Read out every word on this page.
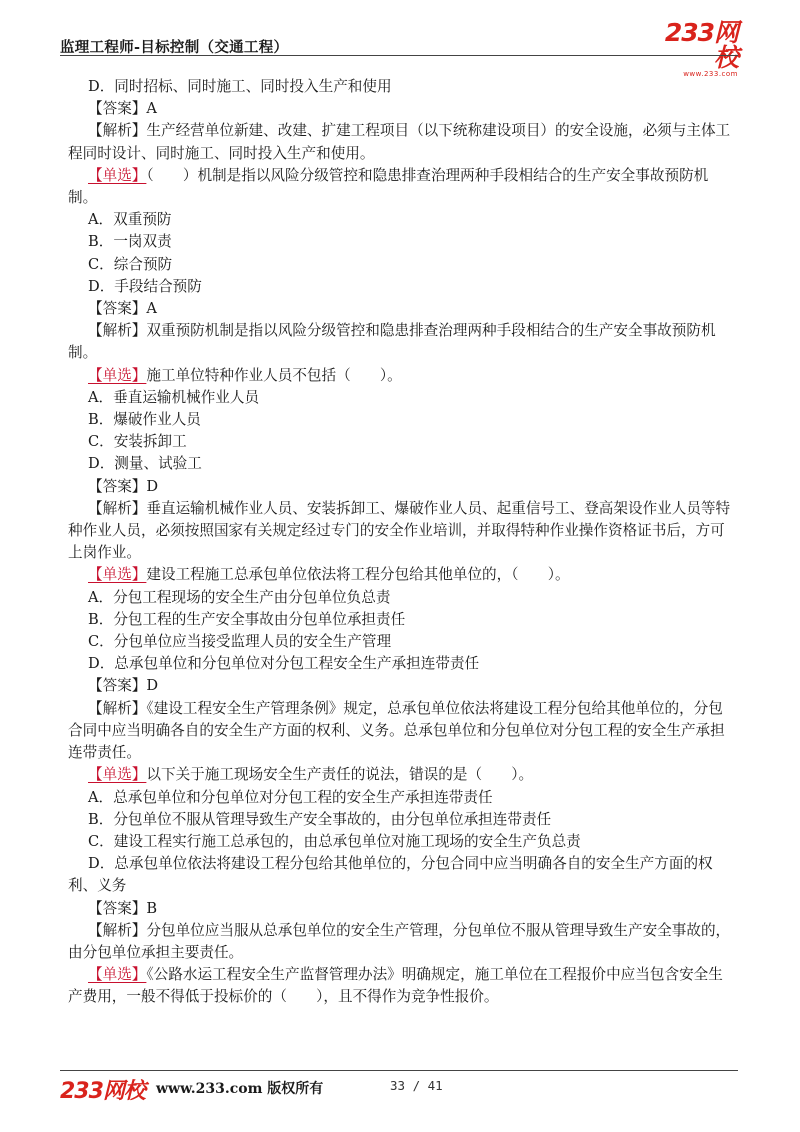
监理工程师-目标控制（交通工程）
233网校
www.233.com
D．同时招标、同时施工、同时投入生产和使用
【答案】A
【解析】生产经营单位新建、改建、扩建工程项目（以下统称建设项目）的安全设施，必须与主体工程同时设计、同时施工、同时投入生产和使用。
【单选】（　　）机制是指以风险分级管控和隐患排查治理两种手段相结合的生产安全事故预防机制。
A．双重预防
B．一岗双责
C．综合预防
D．手段结合预防
【答案】A
【解析】双重预防机制是指以风险分级管控和隐患排查治理两种手段相结合的生产安全事故预防机制。
【单选】施工单位特种作业人员不包括（　　）。
A．垂直运输机械作业人员
B．爆破作业人员
C．安装拆卸工
D．测量、试验工
【答案】D
【解析】垂直运输机械作业人员、安装拆卸工、爆破作业人员、起重信号工、登高架设作业人员等特种作业人员，必须按照国家有关规定经过专门的安全作业培训，并取得特种作业操作资格证书后，方可上岗作业。
【单选】建设工程施工总承包单位依法将工程分包给其他单位的，（　　）。
A．分包工程现场的安全生产由分包单位负总责
B．分包工程的生产安全事故由分包单位承担责任
C．分包单位应当接受监理人员的安全生产管理
D．总承包单位和分包单位对分包工程安全生产承担连带责任
【答案】D
【解析】《建设工程安全生产管理条例》规定，总承包单位依法将建设工程分包给其他单位的，分包合同中应当明确各自的安全生产方面的权利、义务。总承包单位和分包单位对分包工程的安全生产承担连带责任。
【单选】以下关于施工现场安全生产责任的说法，错误的是（　　）。
A．总承包单位和分包单位对分包工程的安全生产承担连带责任
B．分包单位不服从管理导致生产安全事故的，由分包单位承担连带责任
C．建设工程实行施工总承包的，由总承包单位对施工现场的安全生产负总责
D．总承包单位依法将建设工程分包给其他单位的，分包合同中应当明确各自的安全生产方面的权利、义务
【答案】B
【解析】分包单位应当服从总承包单位的安全生产管理，分包单位不服从管理导致生产安全事故的，由分包单位承担主要责任。
【单选】《公路水运工程安全生产监督管理办法》明确规定，施工单位在工程报价中应当包含安全生产费用，一般不得低于投标价的（　　），且不得作为竞争性报价。
233网校 www.233.com 版权所有	33 / 41
